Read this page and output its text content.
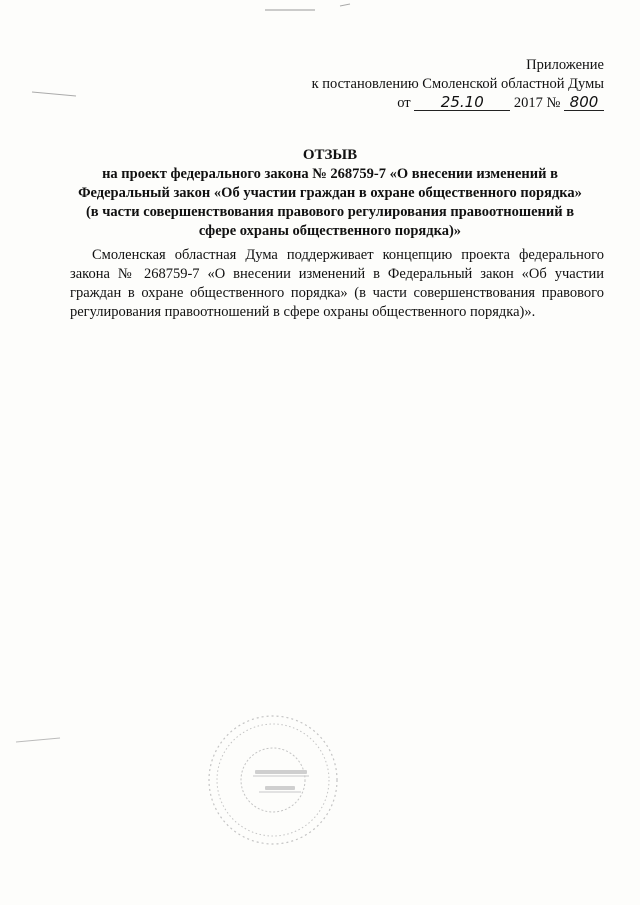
Приложение
к постановлению Смоленской областной Думы
от 25.10 2017 № 800
ОТЗЫВ
на проект федерального закона № 268759-7 «О внесении изменений в
Федеральный закон «Об участии граждан в охране общественного порядка»
(в части совершенствования правового регулирования правоотношений в
сфере охраны общественного порядка)»
Смоленская областная Дума поддерживает концепцию проекта федерального закона № 268759-7 «О внесении изменений в Федеральный закон «Об участии граждан в охране общественного порядка» (в части совершенствования правового регулирования правоотношений в сфере охраны общественного порядка)».
